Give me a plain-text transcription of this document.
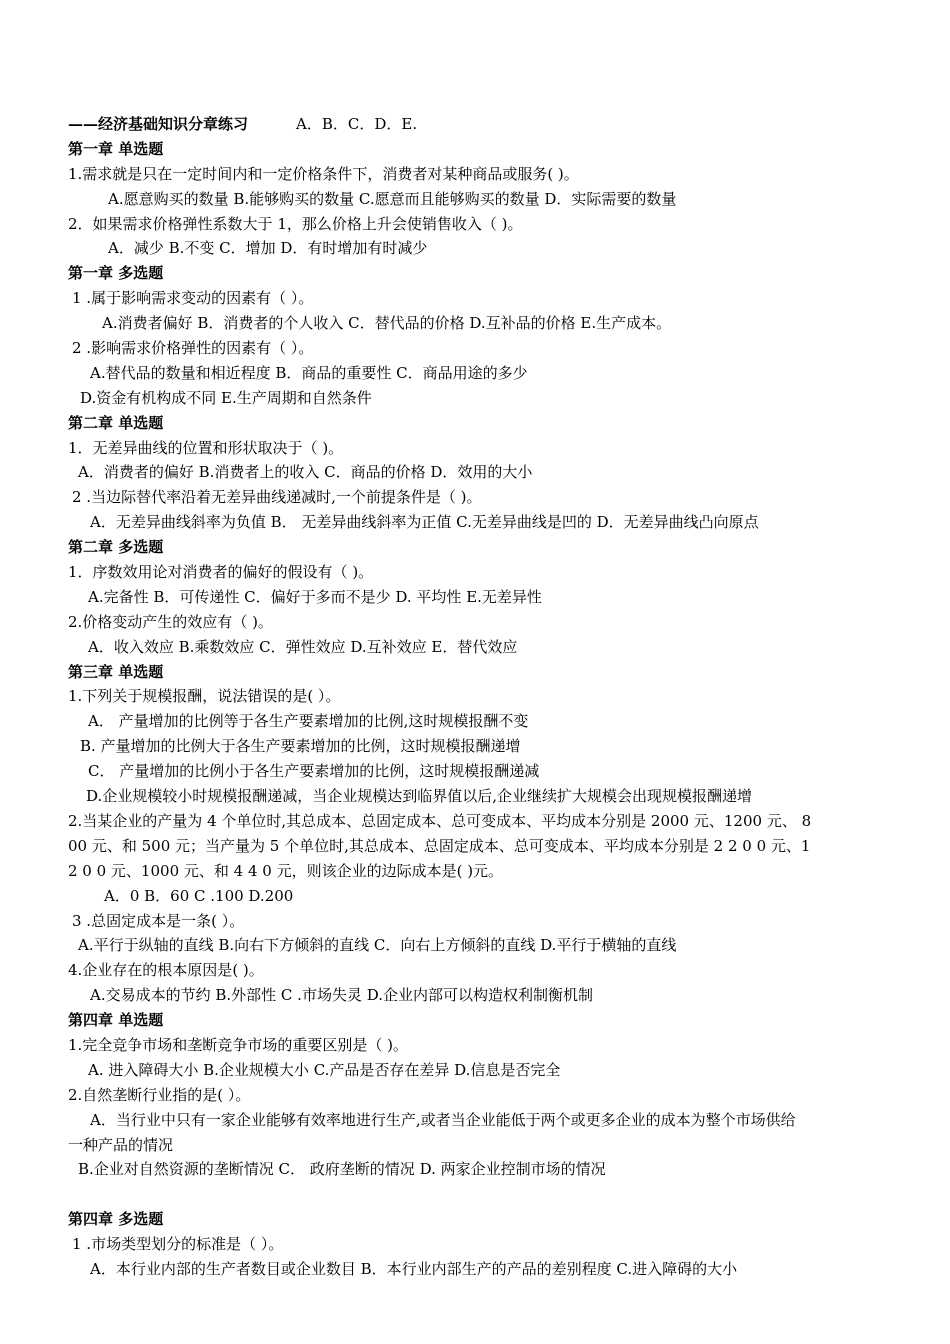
——经济基础知识分章练习	A．B．C．D．E.
第一章 单选题
1.需求就是只在一定时间内和一定价格条件下，消费者对某种商品或服务( )。
A.愿意购买的数量 B.能够购买的数量 C.愿意而且能够购买的数量 D．实际需要的数量
2．如果需求价格弹性系数大于 1，那么价格上升会使销售收入（ )。
A．减少 B.不变 C．增加 D．有时增加有时减少
第一章 多选题
1 .属于影响需求变动的因素有（ ）。
A.消费者偏好 B．消费者的个人收入 C．替代品的价格 D.互补品的价格 E.生产成本。
2 .影响需求价格弹性的因素有（ ）。
A.替代品的数量和相近程度 B．商品的重要性 C．商品用途的多少
D.资金有机构成不同 E.生产周期和自然条件
第二章 单选题
1．无差异曲线的位置和形状取决于（ )。
A．消费者的偏好 B.消费者上的收入 C．商品的价格 D．效用的大小
2 .当边际替代率沿着无差异曲线递减时,一个前提条件是（ )。
A．无差异曲线斜率为负值 B． 无差异曲线斜率为正值 C.无差异曲线是凹的 D．无差异曲线凸向原点
第二章 多选题
1．序数效用论对消费者的偏好的假设有（ )。
A.完备性 B．可传递性 C．偏好于多而不是少 D. 平均性 E.无差异性
2.价格变动产生的效应有（ )。
A．收入效应 B.乘数效应 C．弹性效应 D.互补效应 E．替代效应
第三章 单选题
1.下列关于规模报酬，说法错误的是( ）。
A． 产量增加的比例等于各生产要素增加的比例,这时规模报酬不变
B. 产量增加的比例大于各生产要素增加的比例，这时规模报酬递增
C． 产量增加的比例小于各生产要素增加的比例，这时规模报酬递减
D.企业规模较小时规模报酬递减，当企业规模达到临界值以后,企业继续扩大规模会出现规模报酬递增
2.当某企业的产量为 4 个单位时,其总成本、总固定成本、总可变成本、平均成本分别是 2000 元、1200 元、 8
00 元、和 500 元；当产量为 5 个单位时,其总成本、总固定成本、总可变成本、平均成本分别是 2 2 0 0 元、1
2 0 0 元、1000 元、和 4 4 0 元，则该企业的边际成本是( )元。
A．0 B．60 C .100 D.200
3 .总固定成本是一条( ）。
A.平行于纵轴的直线 B.向右下方倾斜的直线 C．向右上方倾斜的直线 D.平行于横轴的直线
4.企业存在的根本原因是( )。
A.交易成本的节约 B.外部性 C .市场失灵 D.企业内部可以构造权利制衡机制
第四章 单选题
1.完全竞争市场和垄断竞争市场的重要区别是（ )。
A. 进入障碍大小 B.企业规模大小 C.产品是否存在差异 D.信息是否完全
2.自然垄断行业指的是( ）。
A．当行业中只有一家企业能够有效率地进行生产,或者当企业能低于两个或更多企业的成本为整个市场供给
一种产品的情况
B.企业对自然资源的垄断情况 C． 政府垄断的情况 D. 两家企业控制市场的情况
第四章 多选题
1 .市场类型划分的标准是（ ）。
A．本行业内部的生产者数目或企业数目 B．本行业内部生产的产品的差别程度 C.进入障碍的大小
